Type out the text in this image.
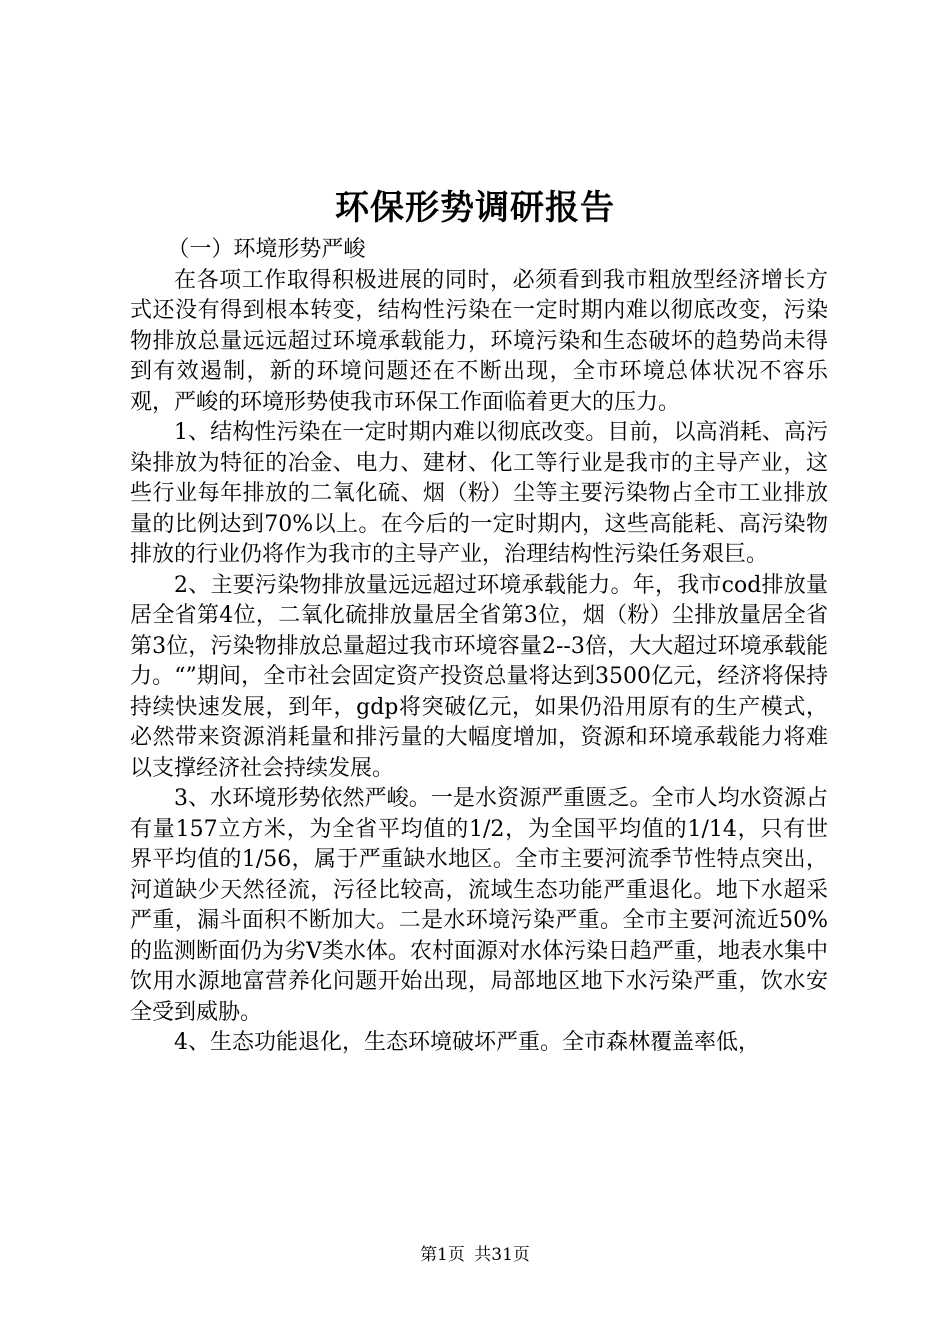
环保形势调研报告

（一）环境形势严峻

在各项工作取得积极进展的同时，必须看到我市粗放型经济增长方式还没有得到根本转变，结构性污染在一定时期内难以彻底改变，污染物排放总量远远超过环境承载能力，环境污染和生态破坏的趋势尚未得到有效遏制，新的环境问题还在不断出现，全市环境总体状况不容乐观，严峻的环境形势使我市环保工作面临着更大的压力。

1、结构性污染在一定时期内难以彻底改变。目前，以高消耗、高污染排放为特征的冶金、电力、建材、化工等行业是我市的主导产业，这些行业每年排放的二氧化硫、烟（粉）尘等主要污染物占全市工业排放量的比例达到70%以上。在今后的一定时期内，这些高能耗、高污染物排放的行业仍将作为我市的主导产业，治理结构性污染任务艰巨。

2、主要污染物排放量远远超过环境承载能力。年，我市cod排放量居全省第4位，二氧化硫排放量居全省第3位，烟（粉）尘排放量居全省第3位，污染物排放总量超过我市环境容量2--3倍，大大超过环境承载能力。“”期间，全市社会固定资产投资总量将达到3500亿元，经济将保持持续快速发展，到年，gdp将突破亿元，如果仍沿用原有的生产模式，必然带来资源消耗量和排污量的大幅度增加，资源和环境承载能力将难以支撑经济社会持续发展。

3、水环境形势依然严峻。一是水资源严重匮乏。全市人均水资源占有量157立方米，为全省平均值的1/2，为全国平均值的1/14，只有世界平均值的1/56，属于严重缺水地区。全市主要河流季节性特点突出，河道缺少天然径流，污径比较高，流域生态功能严重退化。地下水超采严重，漏斗面积不断加大。二是水环境污染严重。全市主要河流近50%的监测断面仍为劣Ⅴ类水体。农村面源对水体污染日趋严重，地表水集中饮用水源地富营养化问题开始出现，局部地区地下水污染严重，饮水安全受到威胁。

4、生态功能退化，生态环境破坏严重。全市森林覆盖率低，

第1页 共31页
